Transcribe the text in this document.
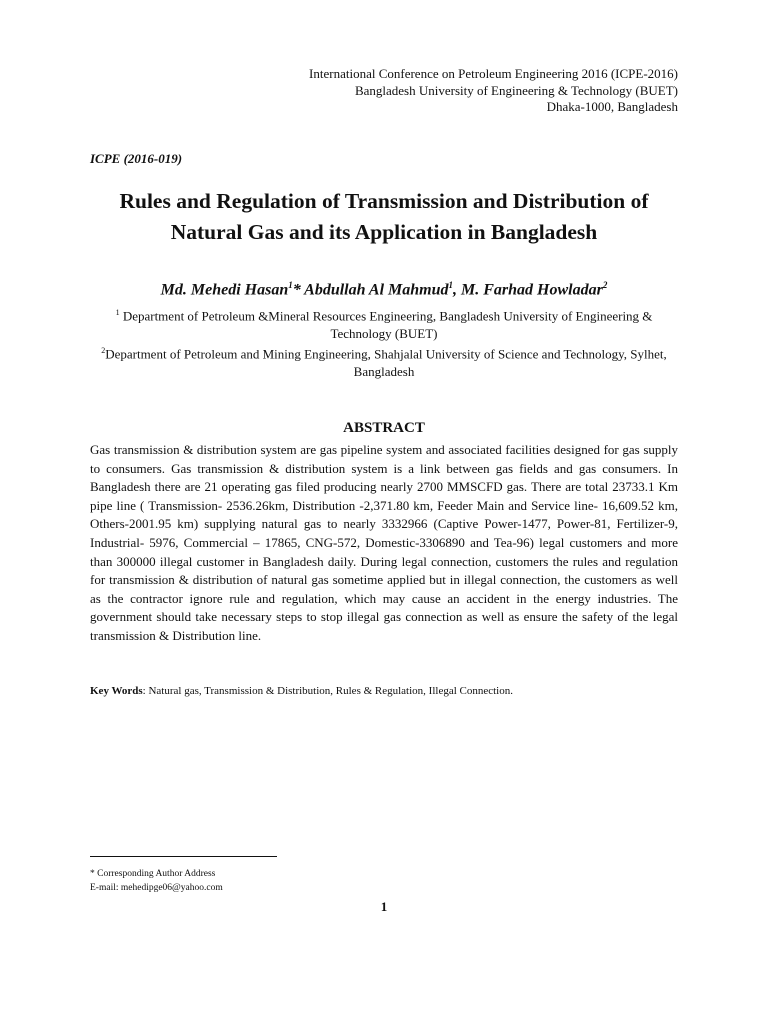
International Conference on Petroleum Engineering 2016 (ICPE-2016)
Bangladesh University of Engineering & Technology (BUET)
Dhaka-1000, Bangladesh
ICPE (2016-019)
Rules and Regulation of Transmission and Distribution of
Natural Gas and its Application in Bangladesh
Md. Mehedi Hasan$^1$* Abdullah Al Mahmud$^1$, M. Farhad Howladar$^2$
$^1$ Department of Petroleum &Mineral Resources Engineering, Bangladesh University of Engineering & Technology (BUET)
$^2$Department of Petroleum and Mining Engineering, Shahjalal University of Science and Technology, Sylhet, Bangladesh
ABSTRACT
Gas transmission & distribution system are gas pipeline system and associated facilities designed for gas supply to consumers. Gas transmission & distribution system is a link between gas fields and gas consumers. In Bangladesh there are 21 operating gas filed producing nearly 2700 MMSCFD gas. There are total 23733.1 Km pipe line ( Transmission- 2536.26km, Distribution -2,371.80 km, Feeder Main and Service line- 16,609.52 km, Others-2001.95 km) supplying natural gas to nearly 3332966 (Captive Power-1477, Power-81, Fertilizer-9, Industrial- 5976, Commercial – 17865, CNG-572, Domestic-3306890 and Tea-96) legal customers and more than 300000 illegal customer in Bangladesh daily. During legal connection, customers the rules and regulation for transmission & distribution of natural gas sometime applied but in illegal connection, the customers as well as the contractor ignore rule and regulation, which may cause an accident in the energy industries. The government should take necessary steps to stop illegal gas connection as well as ensure the safety of the legal transmission & Distribution line.
Key Words: Natural gas, Transmission & Distribution, Rules & Regulation, Illegal Connection.
* Corresponding Author Address
E-mail: mehedipge06@yahoo.com
1
